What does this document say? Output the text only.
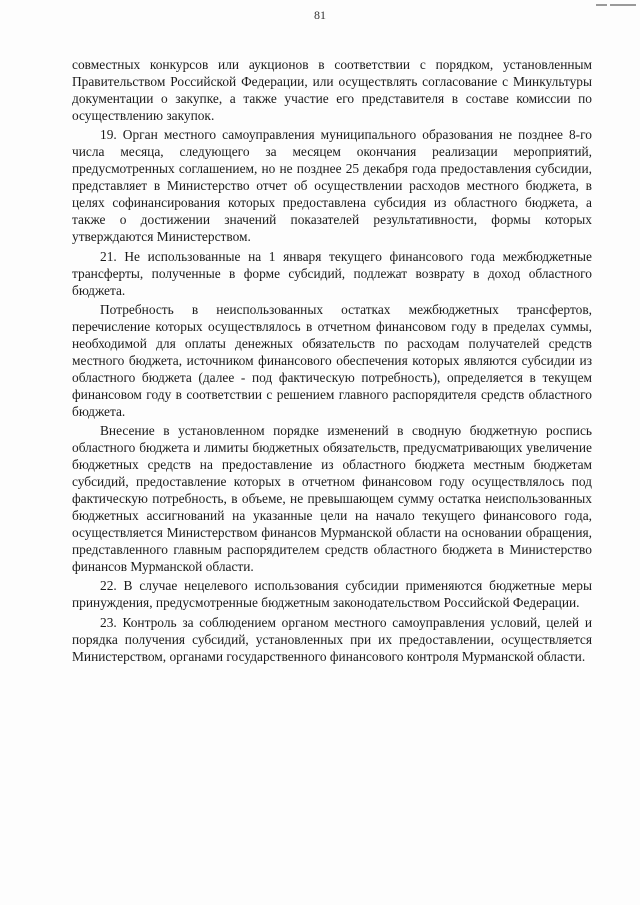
81

совместных конкурсов или аукционов в соответствии с порядком, установленным Правительством Российской Федерации, или осуществлять согласование с Минкультуры документации о закупке, а также участие его представителя в составе комиссии по осуществлению закупок.

19. Орган местного самоуправления муниципального образования не позднее 8-го числа месяца, следующего за месяцем окончания реализации мероприятий, предусмотренных соглашением, но не позднее 25 декабря года предоставления субсидии, представляет в Министерство отчет об осуществлении расходов местного бюджета, в целях софинансирования которых предоставлена субсидия из областного бюджета, а также о достижении значений показателей результативности, формы которых утверждаются Министерством.

21. Не использованные на 1 января текущего финансового года межбюджетные трансферты, полученные в форме субсидий, подлежат возврату в доход областного бюджета.

Потребность в неиспользованных остатках межбюджетных трансфертов, перечисление которых осуществлялось в отчетном финансовом году в пределах суммы, необходимой для оплаты денежных обязательств по расходам получателей средств местного бюджета, источником финансового обеспечения которых являются субсидии из областного бюджета (далее - под фактическую потребность), определяется в текущем финансовом году в соответствии с решением главного распорядителя средств областного бюджета.

Внесение в установленном порядке изменений в сводную бюджетную роспись областного бюджета и лимиты бюджетных обязательств, предусматривающих увеличение бюджетных средств на предоставление из областного бюджета местным бюджетам субсидий, предоставление которых в отчетном финансовом году осуществлялось под фактическую потребность, в объеме, не превышающем сумму остатка неиспользованных бюджетных ассигнований на указанные цели на начало текущего финансового года, осуществляется Министерством финансов Мурманской области на основании обращения, представленного главным распорядителем средств областного бюджета в Министерство финансов Мурманской области.

22. В случае нецелевого использования субсидии применяются бюджетные меры принуждения, предусмотренные бюджетным законодательством Российской Федерации.

23. Контроль за соблюдением органом местного самоуправления условий, целей и порядка получения субсидий, установленных при их предоставлении, осуществляется Министерством, органами государственного финансового контроля Мурманской области.
